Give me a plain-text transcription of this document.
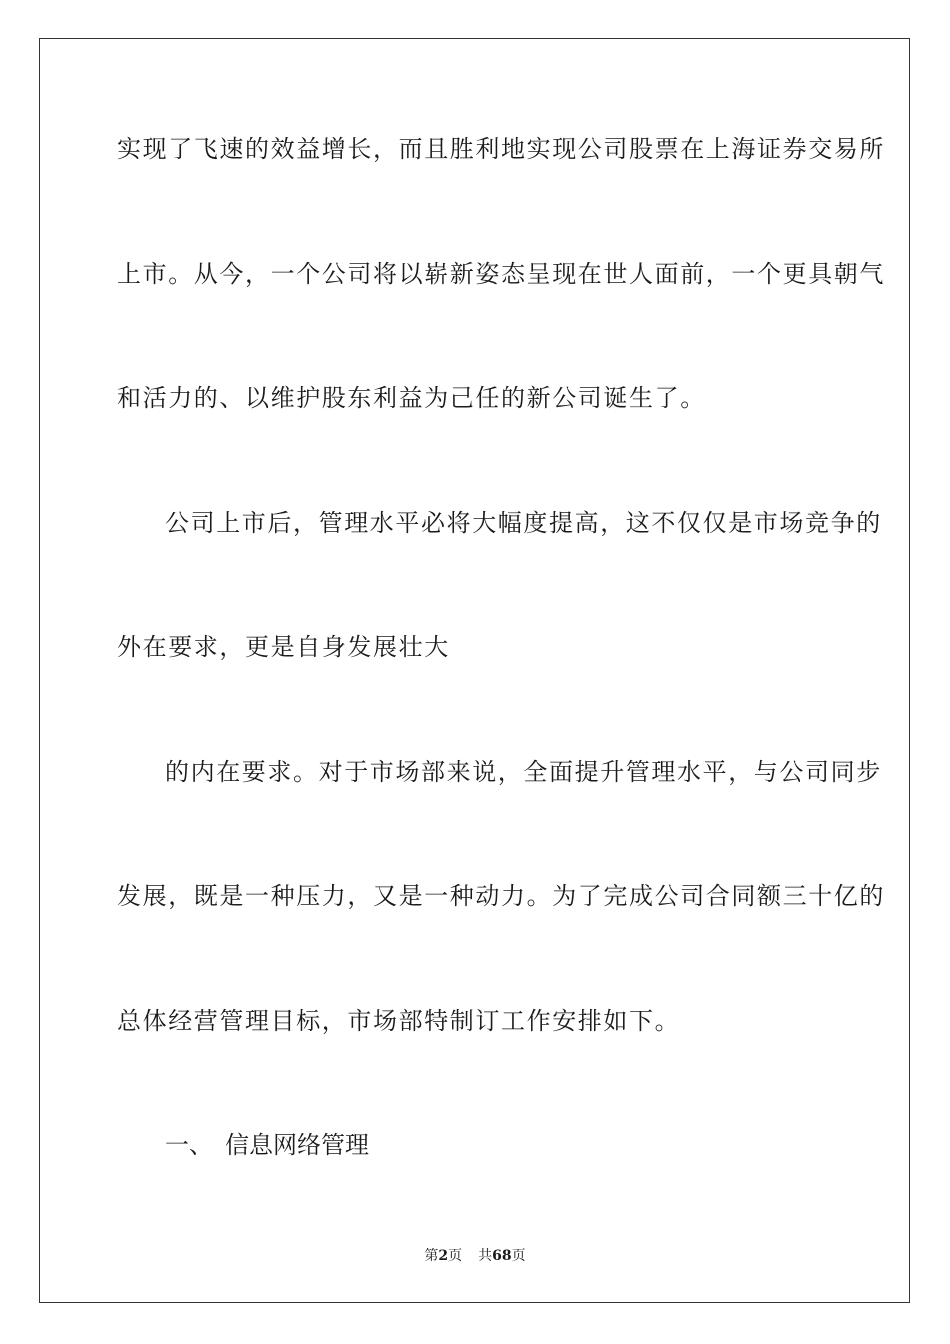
实现了飞速的效益增长，而且胜利地实现公司股票在上海证券交易所
上市。从今，一个公司将以崭新姿态呈现在世人面前，一个更具朝气
和活力的、以维护股东利益为己任的新公司诞生了。
公司上市后，管理水平必将大幅度提高，这不仅仅是市场竞争的
外在要求，更是自身发展壮大
的内在要求。对于市场部来说，全面提升管理水平，与公司同步
发展，既是一种压力，又是一种动力。为了完成公司合同额三十亿的
总体经营管理目标，市场部特制订工作安排如下。
一、 信息网络管理
第2页 共68页
